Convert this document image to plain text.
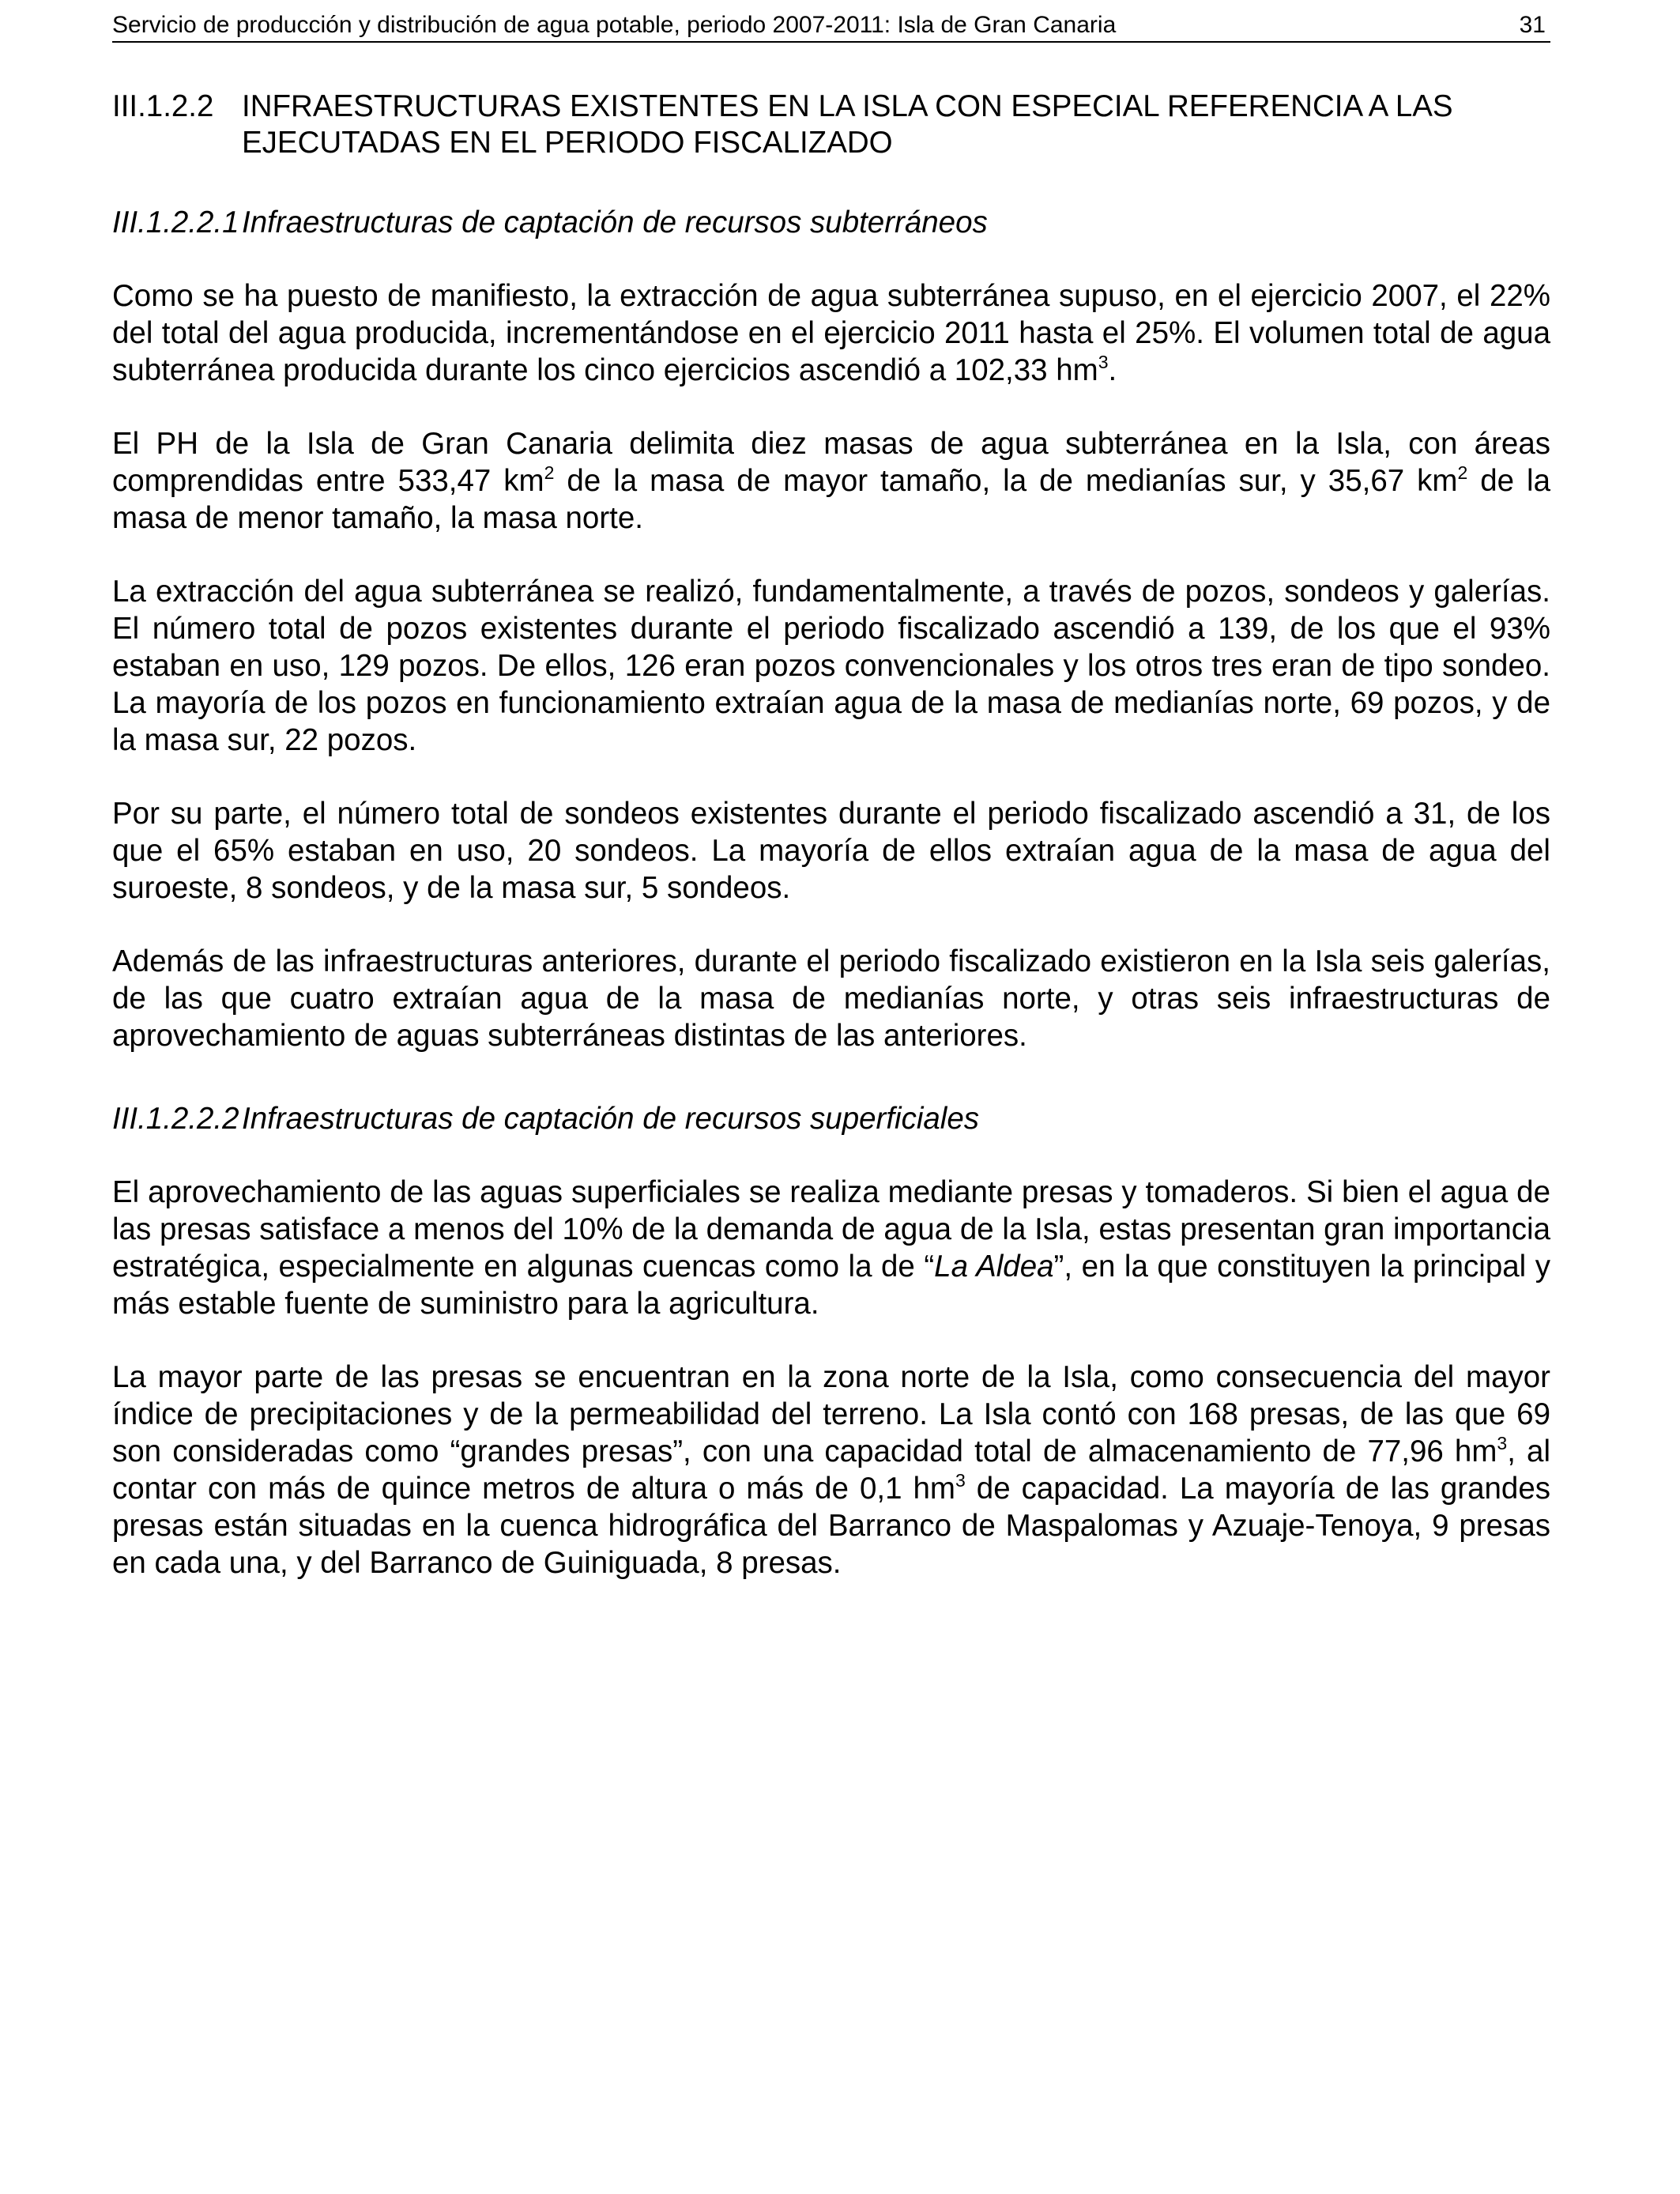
Servicio de producción y distribución de agua potable, periodo 2007-2011: Isla de Gran Canaria	31
III.1.2.2 INFRAESTRUCTURAS EXISTENTES EN LA ISLA CON ESPECIAL REFERENCIA A LAS EJECUTADAS EN EL PERIODO FISCALIZADO

III.1.2.2.1Infraestructuras de captación de recursos subterráneos

Como se ha puesto de manifiesto, la extracción de agua subterránea supuso, en el ejercicio 2007, el 22% del total del agua producida, incrementándose en el ejercicio 2011 hasta el 25%. El volumen total de agua subterránea producida durante los cinco ejercicios ascendió a 102,33 $hm^3$.

El PH de la Isla de Gran Canaria delimita diez masas de agua subterránea en la Isla, con áreas comprendidas entre 533,47 $km^2$ de la masa de mayor tamaño, la de medianías sur, y 35,67 $km^2$ de la masa de menor tamaño, la masa norte.

La extracción del agua subterránea se realizó, fundamentalmente, a través de pozos, sondeos y galerías. El número total de pozos existentes durante el periodo fiscalizado ascendió a 139, de los que el 93% estaban en uso, 129 pozos. De ellos, 126 eran pozos convencionales y los otros tres eran de tipo sondeo. La mayoría de los pozos en funcionamiento extraían agua de la masa de medianías norte, 69 pozos, y de la masa sur, 22 pozos.

Por su parte, el número total de sondeos existentes durante el periodo fiscalizado ascendió a 31, de los que el 65% estaban en uso, 20 sondeos. La mayoría de ellos extraían agua de la masa de agua del suroeste, 8 sondeos, y de la masa sur, 5 sondeos.

Además de las infraestructuras anteriores, durante el periodo fiscalizado existieron en la Isla seis galerías, de las que cuatro extraían agua de la masa de medianías norte, y otras seis infraestructuras de aprovechamiento de aguas subterráneas distintas de las anteriores.

III.1.2.2.2Infraestructuras de captación de recursos superficiales

El aprovechamiento de las aguas superficiales se realiza mediante presas y tomaderos. Si bien el agua de las presas satisface a menos del 10% de la demanda de agua de la Isla, estas presentan gran importancia estratégica, especialmente en algunas cuencas como la de “La Aldea”, en la que constituyen la principal y más estable fuente de suministro para la agricultura.

La mayor parte de las presas se encuentran en la zona norte de la Isla, como consecuencia del mayor índice de precipitaciones y de la permeabilidad del terreno. La Isla contó con 168 presas, de las que 69 son consideradas como “grandes presas”, con una capacidad total de almacenamiento de 77,96 $hm^3$, al contar con más de quince metros de altura o más de 0,1 $hm^3$ de capacidad. La mayoría de las grandes presas están situadas en la cuenca hidrográfica del Barranco de Maspalomas y Azuaje-Tenoya, 9 presas en cada una, y del Barranco de Guiniguada, 8 presas.
